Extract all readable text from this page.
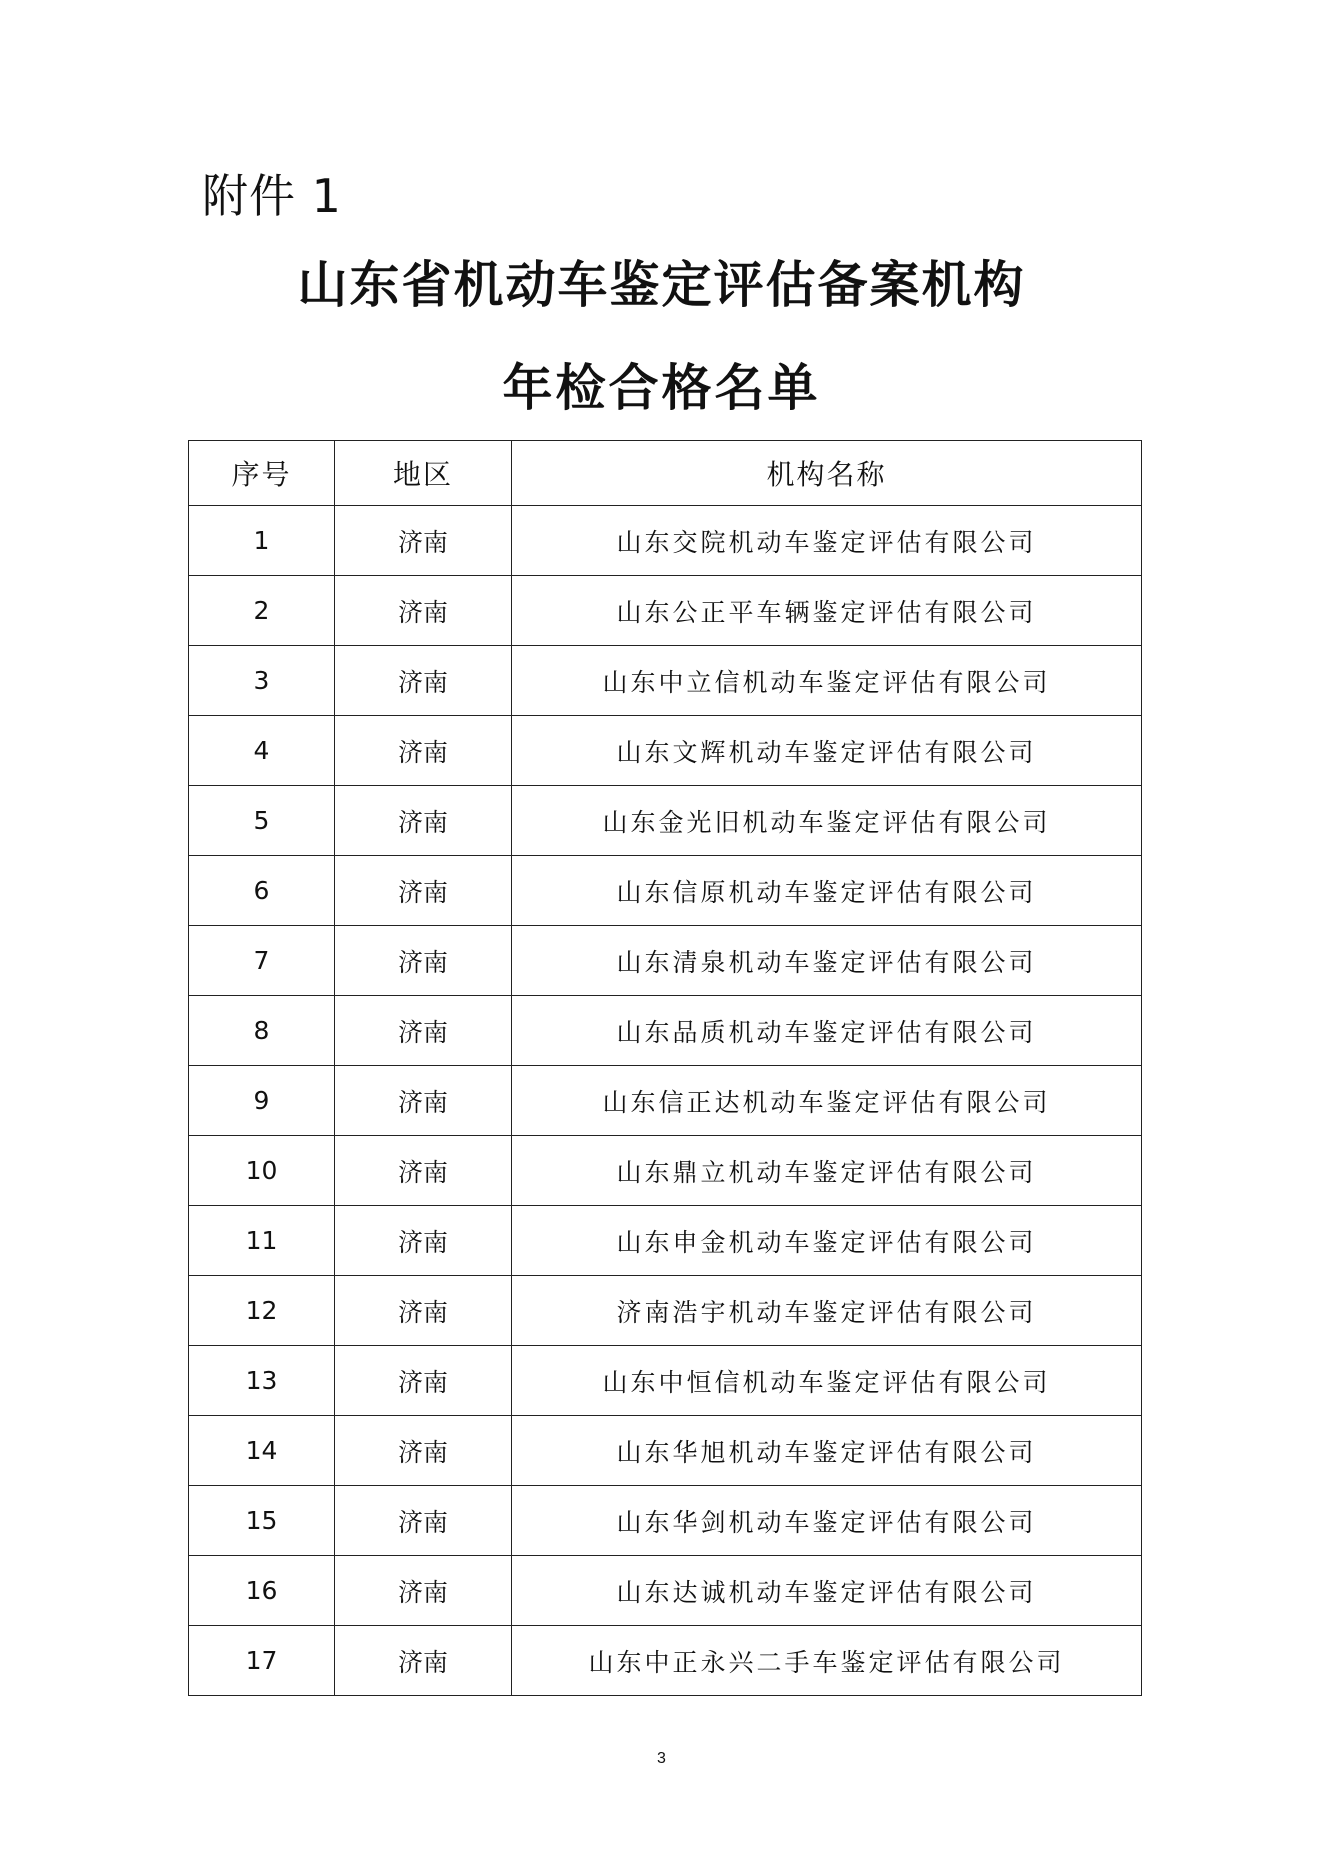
附件 1
山东省机动车鉴定评估备案机构
年检合格名单
序号	地区	机构名称
1	济南	山东交院机动车鉴定评估有限公司
2	济南	山东公正平车辆鉴定评估有限公司
3	济南	山东中立信机动车鉴定评估有限公司
4	济南	山东文辉机动车鉴定评估有限公司
5	济南	山东金光旧机动车鉴定评估有限公司
6	济南	山东信原机动车鉴定评估有限公司
7	济南	山东清泉机动车鉴定评估有限公司
8	济南	山东品质机动车鉴定评估有限公司
9	济南	山东信正达机动车鉴定评估有限公司
10	济南	山东鼎立机动车鉴定评估有限公司
11	济南	山东申金机动车鉴定评估有限公司
12	济南	济南浩宇机动车鉴定评估有限公司
13	济南	山东中恒信机动车鉴定评估有限公司
14	济南	山东华旭机动车鉴定评估有限公司
15	济南	山东华剑机动车鉴定评估有限公司
16	济南	山东达诚机动车鉴定评估有限公司
17	济南	山东中正永兴二手车鉴定评估有限公司
3
